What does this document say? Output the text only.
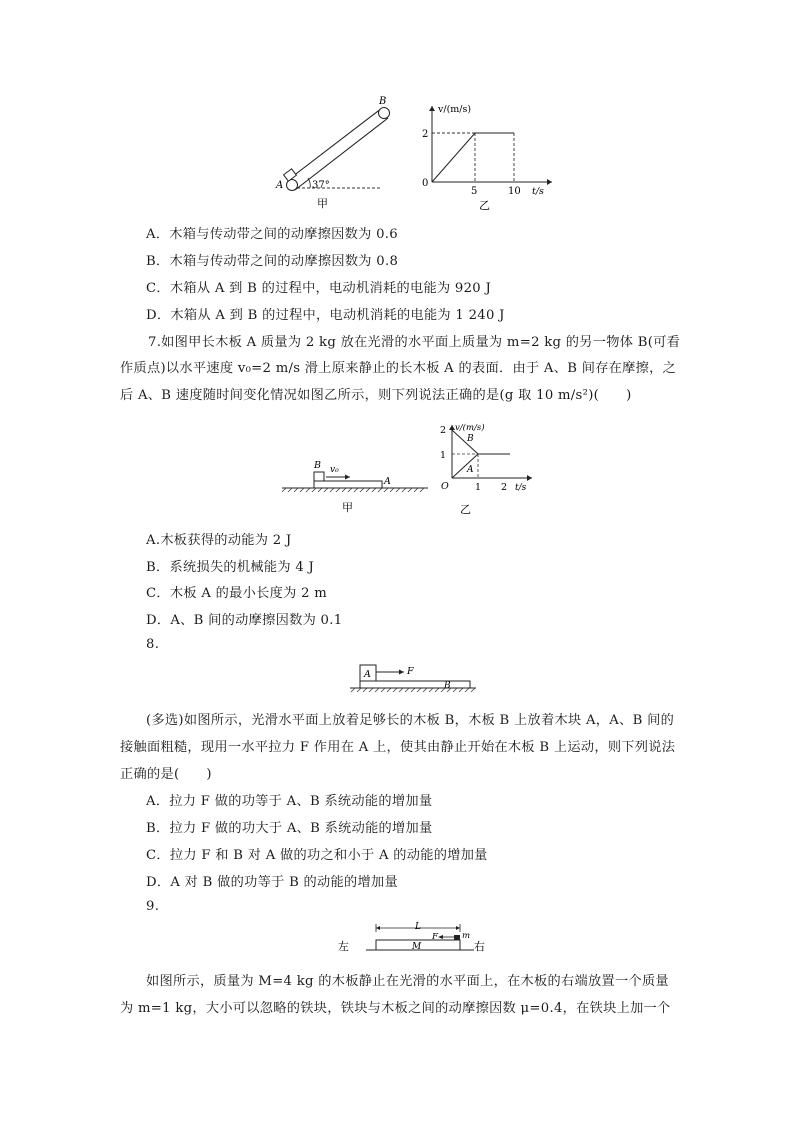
B
A	37°
甲
v/(m/s)
2
0
5	10 t/s
乙
A．木箱与传动带之间的动摩擦因数为 0.6
B．木箱与传动带之间的动摩擦因数为 0.8
C．木箱从 A 到 B 的过程中，电动机消耗的电能为 920 J
D．木箱从 A 到 B 的过程中，电动机消耗的电能为 1 240 J
7.如图甲长木板 A 质量为 2 kg 放在光滑的水平面上质量为 m=2 kg 的另一物体 B(可看
作质点)以水平速度 v₀=2 m/s 滑上原来静止的长木板 A 的表面．由于 A、B 间存在摩擦，之
后 A、B 速度随时间变化情况如图乙所示，则下列说法正确的是(g 取 10 m/s²)(　　)
B v₀
A
甲
v/(m/s)
2
1
O	1 2 t/s
B
A
乙
A.木板获得的动能为 2 J
B．系统损失的机械能为 4 J
C．木板 A 的最小长度为 2 m
D．A、B 间的动摩擦因数为 0.1
8.
A	F
B
(多选)如图所示，光滑水平面上放着足够长的木板 B，木板 B 上放着木块 A，A、B 间的
接触面粗糙，现用一水平拉力 F 作用在 A 上，使其由静止开始在木板 B 上运动，则下列说法
正确的是(　　)
A．拉力 F 做的功等于 A、B 系统动能的增加量
B．拉力 F 做的功大于 A、B 系统动能的增加量
C．拉力 F 和 B 对 A 做的功之和小于 A 的动能的增加量
D．A 对 B 做的功等于 B 的动能的增加量
9.
左	右
L
F	m
M
如图所示，质量为 M=4 kg 的木板静止在光滑的水平面上，在木板的右端放置一个质量
为 m=1 kg，大小可以忽略的铁块，铁块与木板之间的动摩擦因数 μ=0.4，在铁块上加一个
